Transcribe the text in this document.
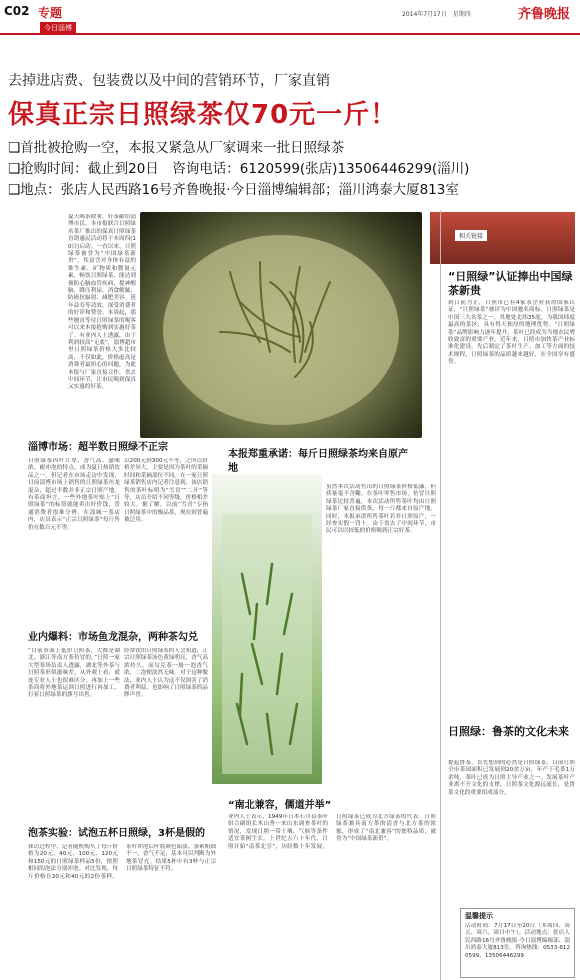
C02 专题
今日淄博
2014年7月17日　星期四	齐鲁晚报
去掉进店费、包装费以及中间的营销环节，厂家直销
保真正宗日照绿茶仅70元一斤！
❑首批被抢购一空，本报又紧急从厂家调来一批日照绿茶
❑抢购时间：截止到20日　咨询电话：6120599(张店)13506446299(淄川)
❑地点：张店人民西路16号齐鲁晚报·今日淄博编辑部；淄川鸿泰大厦813室
夏天喝茶除暑，好茶献给淄博市民。本市报联合日照绿名茶厂推出的保真日照绿茶直销惠民活动将于本周四(10日)启动。一直以来，日照绿茶被誉为“中国绿茶新贵”，其富含对身体有益的维生素、矿物质和微量元素，畅饮日照绿茶，能达到预防心脑血管疾病，提神醒脑、降压利尿、消食解腻、防癌抗辐射、减肥美容、延年益寿等功效，深受消费者的好评和赞誉。本周起，那些翘首等待日照绿茶的喝客可以来本报抢购到实惠好茶了。有业内人士透露，由于利润较高“无底”，淄博超市里日照绿茶价格大多比较高，不仅如此，价格虚高是消费者最担心的问题，为此本报与厂家直接合作，省去中间环节，让市民喝到保真又实惠的好茶。
相关链接
“日照绿”认证捧出中国绿茶新贵
到目前为止，日照市已有4家茶企业获得国家认证，“日照绿茶”被评为中国驰名商标。日照绿茶是中国三大名茶之一，其地处北纬35度，为我国纬度最高的茶区，具有得天独厚的地理优势。“日照绿茶”品牌影响力逐年提升，茶叶已经成为当地农民增收致富的重要产业。近年来，日照市加快茶产业标准化建设，先后制定了茶叶生产、加工等方面的技术规程，日照绿茶的品质越来越好，在全国享有盛誉。
日照绿：鲁茶的文化未来
提起鲁茶，首先想到的必然是日照绿茶。目前日照全市茶园面积已发展到20余万亩，年产干毛茶1万余吨，茶叶已成为日照主导产业之一。发展茶叶产业离不开文化的支撑，日照茶文化源远流长，是鲁茶文化的重要组成部分。
温馨提示
活动时间：7月17日至20日（本周四、周五、周六、周日中午），活动地点：张店人民西路16号齐鲁晚报·今日淄博编辑部、淄川鸿泰大厦813室。咨询热线：0533-6120599、13506446299
淄博市场：超半数日照绿不正宗
日照绿茶因叶片厚、香气高、滋味浓、耐冲泡的特点，成为夏日热销饮品之一。但记者在市场走访中发现，目前淄博市场上销售的日照绿茶鱼龙混杂，超过半数并非正宗日照产地。有茶商坦言，一些外地茶叶贴上“日照绿茶”的标签就能卖出好价钱，普通消费者很难分辨。在淄城一茶店内，店员表示“正宗日照绿茶”每斤售价在数百元不等。
以200元到300元不等，之所以价格差异大，主要是因为茶叶的采摘时间和采摘部位不同。在一家日照绿茶销售店内记者注意到，该店销售的茶叶标明为“雪青”“二开”等等，店员介绍不同等级，价格相差较大。据了解，以前“雪青”专指日照绿茶中的极品茶，现在则普遍被泛用。
本报郑重承诺：每斤日照绿茶均来自原产地
虽然本次活动售出的日照绿茶价格低廉，但质量毫不含糊。在茶叶零售市场，仿冒日照绿茶比较普遍，本次活动所售茶叶均由日照绿茶厂家直接供货，每一斤都来自原产地。同时，本报承诺所售茶叶若非日照原产，一经查实假一罚十。由于省去了中间环节，市民可以以较低的价格喝到正宗好茶。
业内爆料：市场鱼龙混杂，两种茶勾兑
“目前市面上低价日照茶，大都是湖北、浙江等南方茶仿冒的。”日照一家大型茶场负责人透露，湖北等外茶与日照茶形似滋味差，从外观上看，就连专业人士也很难区分。再加上一些茶商将外地茶运到日照进行再加工，打着日照绿茶的旗号出售。
经常饮用日照绿茶的人会知道，正宗日照绿茶汤色黄绿明亮，香气高浓持久。而勾兑茶一般一泡香气浓，二泡便淡然无味。对于这种做法，业内人士认为这不仅损害了消费者利益，也影响了日照绿茶的品牌声誉。
“南北兼容，儒道并举”
业内人士表示，1949年日本石川县茶叶组合副组长木山秀一来山东调查茶叶的情况，发现日照一带土壤、气候等条件适宜茶树生长。上世纪五六十年代，日照开始“南茶北引”，历经数十年发展，日照绿茶已成为北方绿茶的代表。日照绿茶兼具南方茶的清香与北方茶的浓郁，形成了“南北兼容”的独特品质，被誉为“中国绿茶新贵”。
泡茶实验：试泡五杯日照绿，3杯是假的
探访过程中，记者随机购买了每斤价格为20元、40元、100元、120元和150元的日照绿茶样品5份，按照相同的泡法分别冲泡。对比发现，每斤价格在20元和40元的2份茶样，茶叶冲泡后叶底颜色暗淡、条索粗细不一，香气不足，基本可以判断为外地茶冒充。结果5杯中有3杯与正宗日照绿茶特征不符。
